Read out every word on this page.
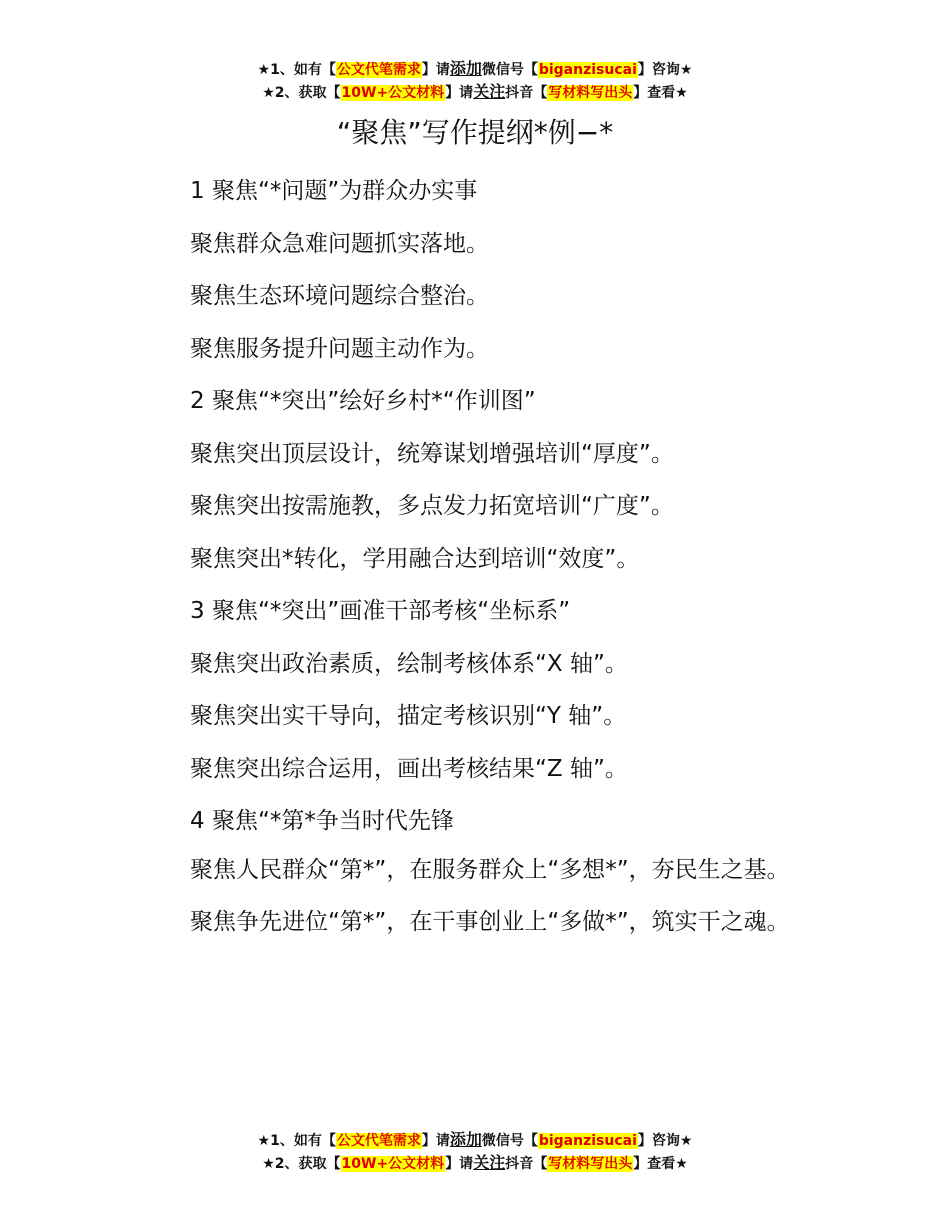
★1、如有【公文代笔需求】请添加微信号【biganzisucai】咨询★
★2、获取【10W+公文材料】请关注抖音【写材料写出头】查看★
“聚焦”写作提纲*例−*

1 聚焦“*问题”为群众办实事

聚焦群众急难问题抓实落地。

聚焦生态环境问题综合整治。

聚焦服务提升问题主动作为。

2 聚焦“*突出”绘好乡村*“作训图”

聚焦突出顶层设计，统筹谋划增强培训“厚度”。

聚焦突出按需施教，多点发力拓宽培训“广度”。

聚焦突出*转化，学用融合达到培训“效度”。

3 聚焦“*突出”画准干部考核“坐标系”

聚焦突出政治素质，绘制考核体系“X 轴”。

聚焦突出实干导向，描定考核识别“Y 轴”。

聚焦突出综合运用，画出考核结果“Z 轴”。

4 聚焦“*第*争当时代先锋

聚焦人民群众“第*”，在服务群众上“多想*”，夯民生之基。

聚焦争先进位“第*”，在干事创业上“多做*”，筑实干之魂。

★1、如有【公文代笔需求】请添加微信号【biganzisucai】咨询★
★2、获取【10W+公文材料】请关注抖音【写材料写出头】查看★
